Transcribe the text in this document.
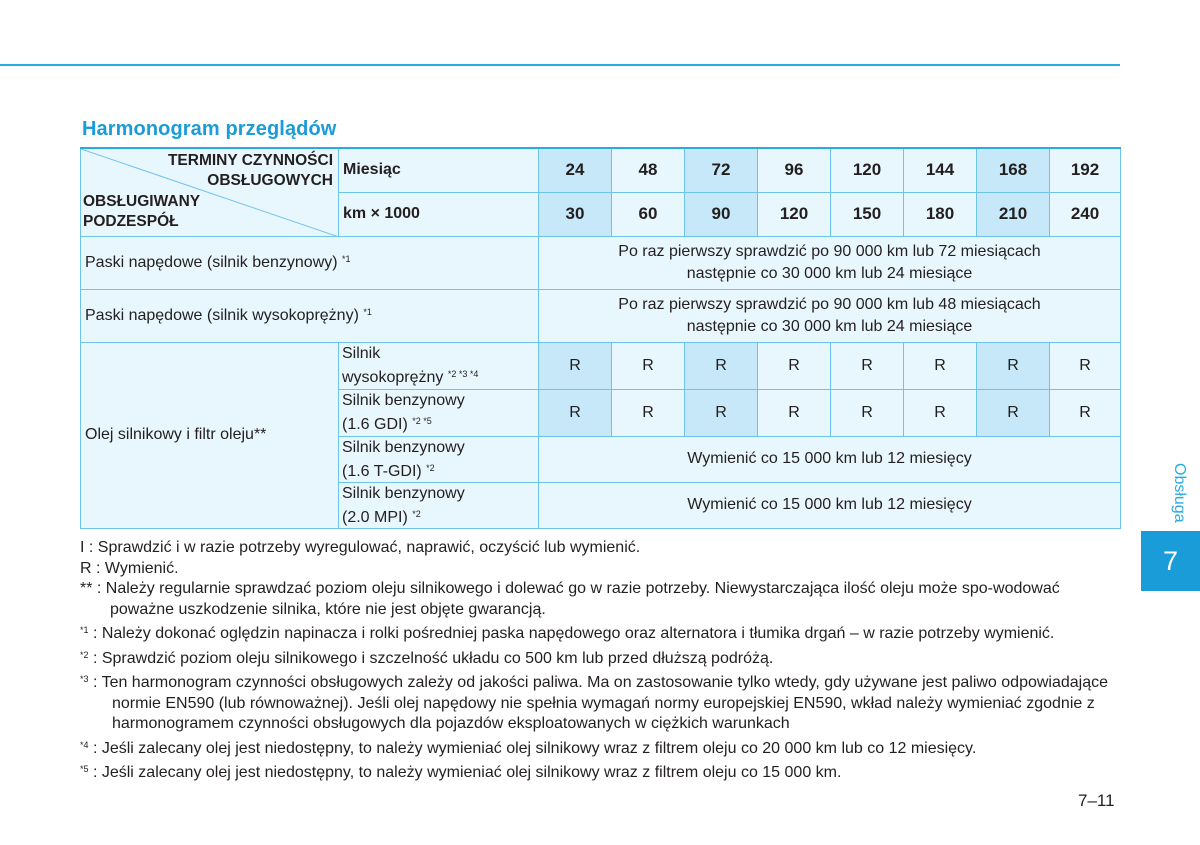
Harmonogram przeglądów
TERMINY CZYNNOŚCI
OBSŁUGOWYCH
OBSŁUGIWANY
PODZESPÓŁ	Miesiąc	24	48	72	96	120	144	168	192
	km × 1000	30	60	90	120	150	180	210	240
Paski napędowe (silnik benzynowy) $^{*1}$		Po raz pierwszy sprawdzić po 90 000 km lub 72 miesiącach
następnie co 30 000 km lub 24 miesiące							

Paski napędowe (silnik wysokoprężny) $^{*1}$		Po raz pierwszy sprawdzić po 90 000 km lub 48 miesiącach
następnie co 30 000 km lub 24 miesiące							

Olej silnikowy i filtr oleju**	Silnik
wysokoprężny $^{*2 *3 *4}$	R	R	R	R	R	R	R	R

	Silnik benzynowy
(1.6 GDI) $^{*2 *5}$	R	R	R	R	R	R	R	R

	Silnik benzynowy
(1.6 T-GDI) $^{*2}$	Wymienić co 15 000 km lub 12 miesięcy							

	Silnik benzynowy
(2.0 MPI) $^{*2}$	Wymienić co 15 000 km lub 12 miesięcy							
I : Sprawdzić i w razie potrzeby wyregulować, naprawić, oczyścić lub wymienić.
R : Wymienić.
** : Należy regularnie sprawdzać poziom oleju silnikowego i dolewać go w razie potrzeby. Niewystarczająca ilość oleju może spo-wodować poważne uszkodzenie silnika, które nie jest objęte gwarancją.
$^{*1}$ : Należy dokonać oględzin napinacza i rolki pośredniej paska napędowego oraz alternatora i tłumika drgań – w razie potrzeby wymienić.
$^{*2}$ : Sprawdzić poziom oleju silnikowego i szczelność układu co 500 km lub przed dłuższą podróżą.
$^{*3}$ : Ten harmonogram czynności obsługowych zależy od jakości paliwa. Ma on zastosowanie tylko wtedy, gdy używane jest paliwo odpowiadające normie EN590 (lub równoważnej). Jeśli olej napędowy nie spełnia wymagań normy europejskiej EN590, wkład należy wymieniać zgodnie z harmonogramem czynności obsługowych dla pojazdów eksploatowanych w ciężkich warunkach
$^{*4}$ : Jeśli zalecany olej jest niedostępny, to należy wymieniać olej silnikowy wraz z filtrem oleju co 20 000 km lub co 12 miesięcy.
$^{*5}$ : Jeśli zalecany olej jest niedostępny, to należy wymieniać olej silnikowy wraz z filtrem oleju co 15 000 km.
Obsługa
7
7–11
